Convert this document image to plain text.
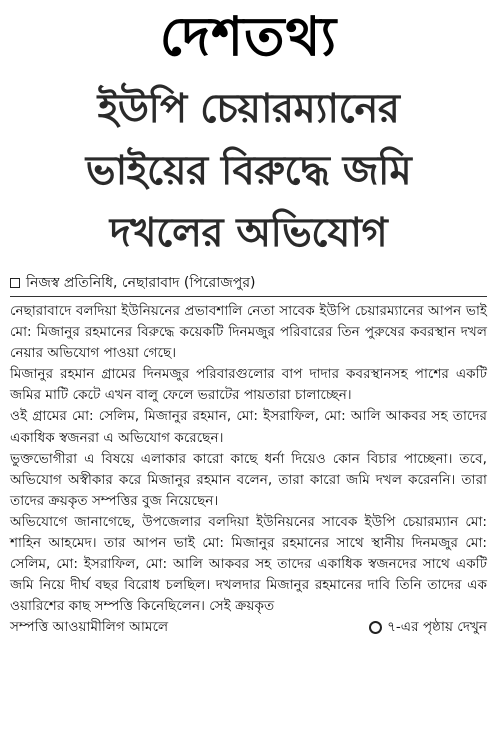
দেশতথ্য
ইউপি চেয়ারম্যানের
ভাইয়ের বিরুদ্ধে জমি
দখলের অভিযোগ
নিজস্ব প্রতিনিধি, নেছারাবাদ (পিরোজপুর)

নেছারাবাদে বলদিয়া ইউনিয়নের প্রভাবশালি নেতা সাবেক ইউপি চেয়ারম্যানের আপন ভাই মো: মিজানুর রহমানের বিরুদ্ধে কয়েকটি দিনমজুর পরিবারের তিন পুরুষের কবরস্থান দখল নেয়ার অভিযোগ পাওয়া গেছে।

মিজানুর রহমান গ্রামের দিনমজুর পরিবারগুলোর বাপ দাদার কবরস্থানসহ পাশের একটি জমির মাটি কেটে এখন বালু ফেলে ভরাটের পায়তারা চালাচ্ছেন।

ওই গ্রামের মো: সেলিম, মিজানুর রহমান, মো: ইসরাফিল, মো: আলি আকবর সহ তাদের একাধিক স্বজনরা এ অভিযোগ করেছেন।

ভুক্তভোগীরা এ বিষয়ে এলাকার কারো কাছে ধর্না দিয়েও কোন বিচার পাচ্ছেনা। তবে, অভিযোগ অস্বীকার করে মিজানুর রহমান বলেন, তারা কারো জমি দখল করেননি। তারা তাদের ক্রয়কৃত সম্পত্তির বুজ নিয়েছেন।

অভিযোগে জানাগেছে, উপজেলার বলদিয়া ইউনিয়নের সাবেক ইউপি চেয়ারম্যান মো: শাহিন আহমেদ। তার আপন ভাই মো: মিজানুর রহমানের সাথে স্থানীয় দিনমজুর মো: সেলিম, মো: ইসরাফিল, মো: আলি আকবর সহ তাদের একাধিক স্বজনদের সাথে একটি জমি নিয়ে দীর্ঘ বছর বিরোধ চলছিল। দখলদার মিজানুর রহমানের দাবি তিনি তাদের এক ওয়ারিশের কাছ সম্পত্তি কিনেছিলেন। সেই ক্রয়কৃত

সম্পত্তি আওয়ামীলিগ আমলে	৭-এর পৃষ্ঠায় দেখুন
